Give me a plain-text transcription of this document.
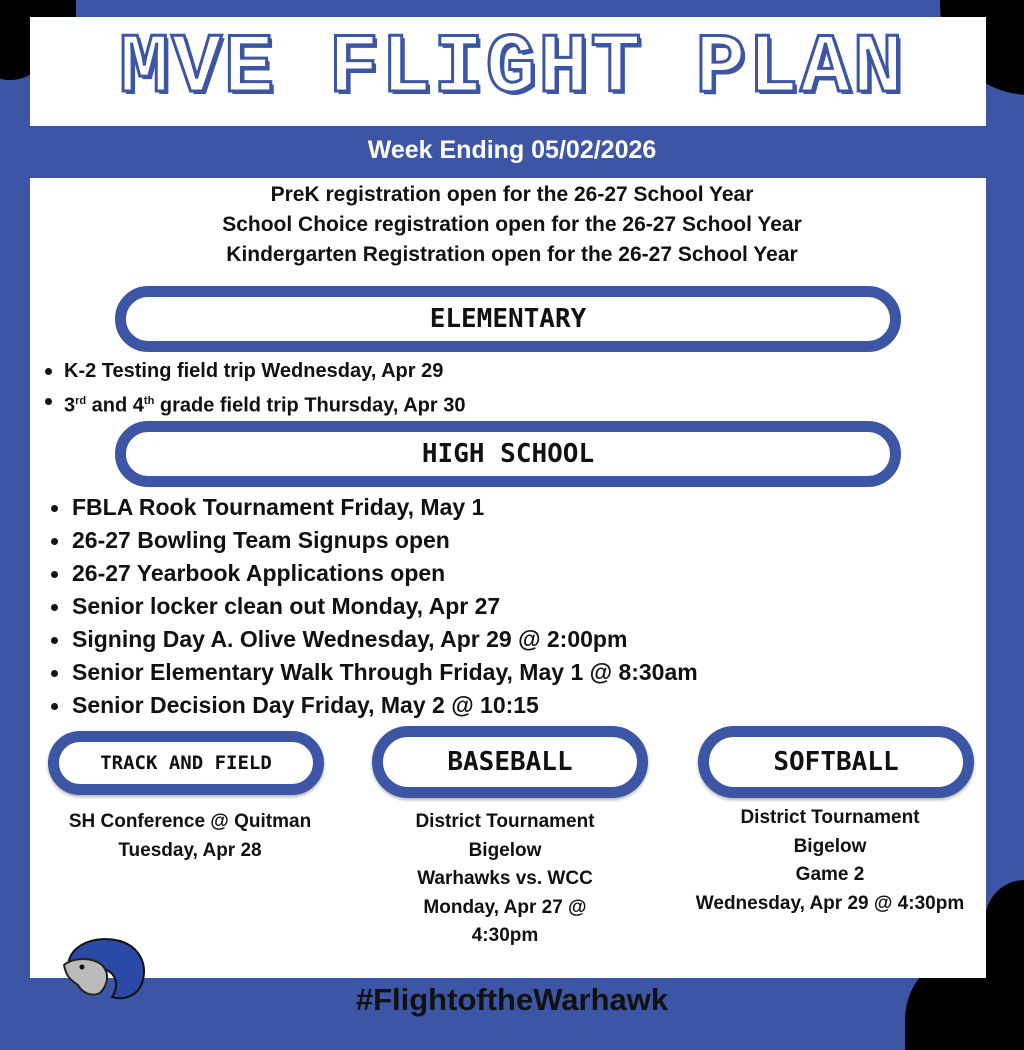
MVE FLIGHT PLAN
Week Ending 05/02/2026
PreK registration open for the 26-27 School Year
School Choice registration open for the 26-27 School Year
Kindergarten Registration open for the 26-27 School Year
ELEMENTARY
K-2 Testing field trip Wednesday, Apr 29
3rd and 4th grade field trip Thursday, Apr 30
HIGH SCHOOL
FBLA Rook Tournament Friday, May 1
26-27 Bowling Team Signups open
26-27 Yearbook Applications open
Senior locker clean out Monday, Apr 27
Signing Day A. Olive Wednesday, Apr 29 @ 2:00pm
Senior Elementary Walk Through Friday, May 1 @ 8:30am
Senior Decision Day Friday, May 2 @ 10:15
TRACK AND FIELD	BASEBALL	SOFTBALL
SH Conference @ Quitman
Tuesday, Apr 28
District Tournament
Bigelow
Warhawks vs. WCC
Monday, Apr 27 @
4:30pm
District Tournament
Bigelow
Game 2
Wednesday, Apr 29 @ 4:30pm
#FlightoftheWarhawk
